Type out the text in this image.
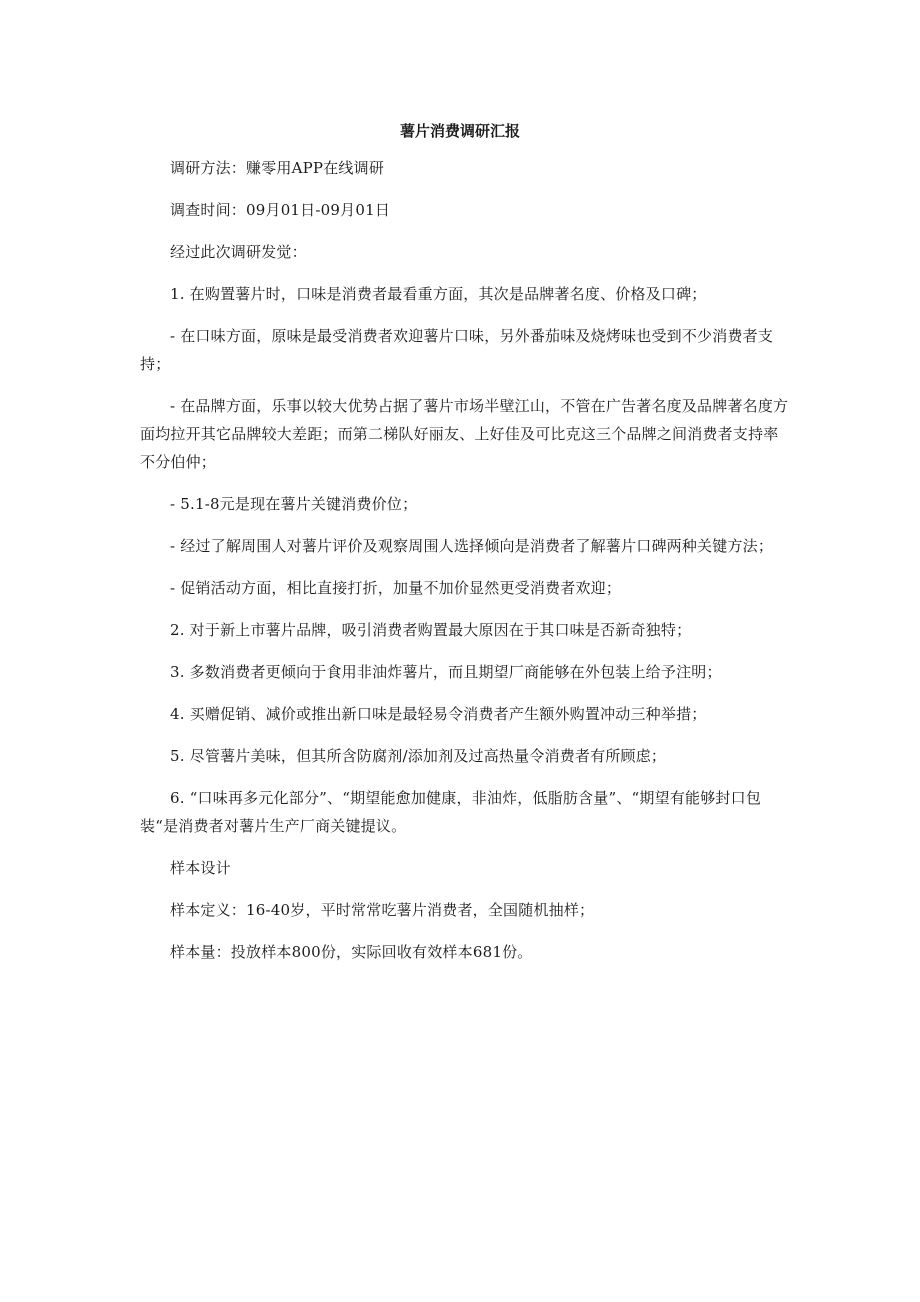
薯片消费调研汇报

调研方法：赚零用APP在线调研

调查时间：09月01日-09月01日

经过此次调研发觉：

1. 在购置薯片时，口味是消费者最看重方面，其次是品牌著名度、价格及口碑；

- 在口味方面，原味是最受消费者欢迎薯片口味，另外番茄味及烧烤味也受到不少消费者支持；

- 在品牌方面，乐事以较大优势占据了薯片市场半壁江山，不管在广告著名度及品牌著名度方面均拉开其它品牌较大差距；而第二梯队好丽友、上好佳及可比克这三个品牌之间消费者支持率不分伯仲；

- 5.1-8元是现在薯片关键消费价位；

- 经过了解周围人对薯片评价及观察周围人选择倾向是消费者了解薯片口碑两种关键方法；

- 促销活动方面，相比直接打折，加量不加价显然更受消费者欢迎；

2. 对于新上市薯片品牌，吸引消费者购置最大原因在于其口味是否新奇独特；

3. 多数消费者更倾向于食用非油炸薯片，而且期望厂商能够在外包装上给予注明；

4. 买赠促销、减价或推出新口味是最轻易令消费者产生额外购置冲动三种举措；

5. 尽管薯片美味，但其所含防腐剂/添加剂及过高热量令消费者有所顾虑；

6. “口味再多元化部分”、“期望能愈加健康，非油炸，低脂肪含量”、“期望有能够封口包装“是消费者对薯片生产厂商关键提议。

样本设计

样本定义：16-40岁，平时常常吃薯片消费者，全国随机抽样；

样本量：投放样本800份，实际回收有效样本681份。
